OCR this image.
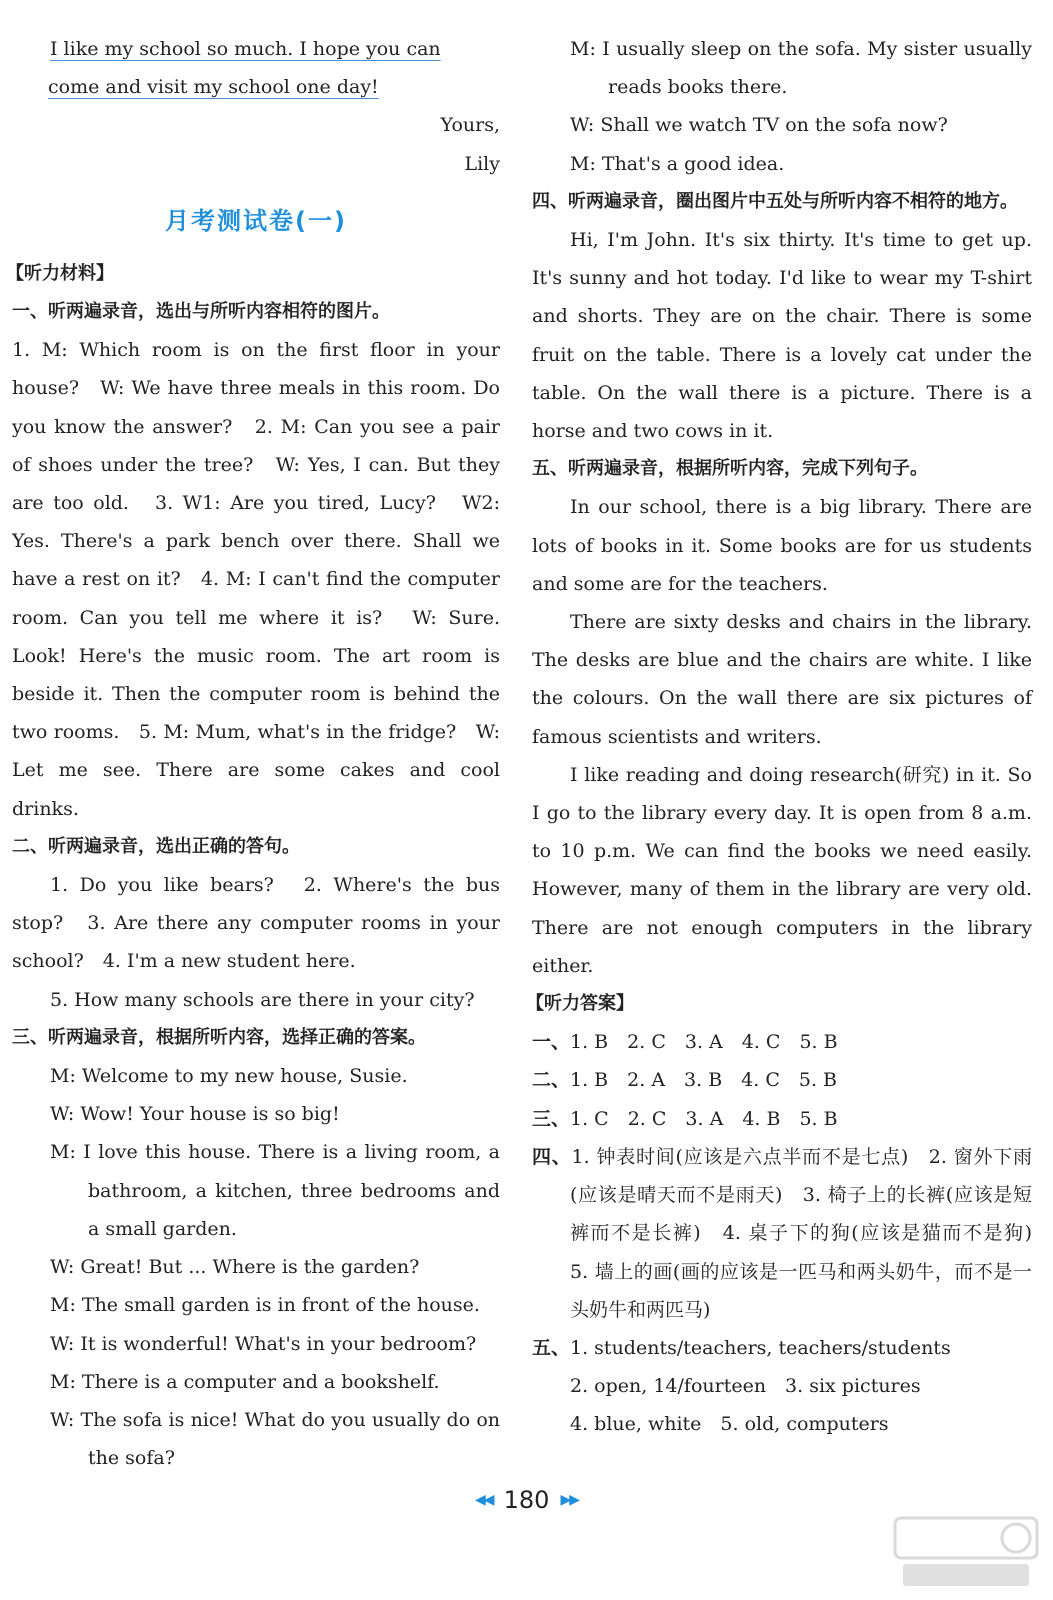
I like my school so much. I hope you can

come and visit my school one day!

Yours,

Lily

月考测试卷(一)

【听力材料】

一、听两遍录音，选出与所听内容相符的图片。

1. M: Which room is on the first floor in your house?　W: We have three meals in this room. Do you know the answer?　2. M: Can you see a pair of shoes under the tree?　W: Yes, I can. But they are too old.　3. W1: Are you tired, Lucy?　W2: Yes. There's a park bench over there. Shall we have a rest on it?　4. M: I can't find the computer room. Can you tell me where it is?　W: Sure. Look! Here's the music room. The art room is beside it. Then the computer room is behind the two rooms.　5. M: Mum, what's in the fridge?　W: Let me see. There are some cakes and cool drinks.

二、听两遍录音，选出正确的答句。

1. Do you like bears?　2. Where's the bus stop?　3. Are there any computer rooms in your school?　4. I'm a new student here.

5. How many schools are there in your city?

三、听两遍录音，根据所听内容，选择正确的答案。

M: Welcome to my new house, Susie.

W: Wow! Your house is so big!

M: I love this house. There is a living room, a bathroom, a kitchen, three bedrooms and a small garden.

W: Great! But ... Where is the garden?

M: The small garden is in front of the house.

W: It is wonderful! What's in your bedroom?

M: There is a computer and a bookshelf.

W: The sofa is nice! What do you usually do on the sofa?

M: I usually sleep on the sofa. My sister usually reads books there.

W: Shall we watch TV on the sofa now?

M: That's a good idea.

四、听两遍录音，圈出图片中五处与所听内容不相符的地方。

Hi, I'm John. It's six thirty. It's time to get up. It's sunny and hot today. I'd like to wear my T-shirt and shorts. They are on the chair. There is some fruit on the table. There is a lovely cat under the table. On the wall there is a picture. There is a horse and two cows in it.

五、听两遍录音，根据所听内容，完成下列句子。

In our school, there is a big library. There are lots of books in it. Some books are for us students and some are for the teachers.

There are sixty desks and chairs in the library. The desks are blue and the chairs are white. I like the colours. On the wall there are six pictures of famous scientists and writers.

I like reading and doing research(研究) in it. So I go to the library every day. It is open from 8 a.m. to 10 p.m. We can find the books we need easily. However, many of them in the library are very old. There are not enough computers in the library either.

【听力答案】

一、1. B　2. C　3. A　4. C　5. B

二、1. B　2. A　3. B　4. C　5. B

三、1. C　2. C　3. A　4. B　5. B

四、1. 钟表时间(应该是六点半而不是七点)　2. 窗外下雨(应该是晴天而不是雨天)　3. 椅子上的长裤(应该是短裤而不是长裤)　4. 桌子下的狗(应该是猫而不是狗)　5. 墙上的画(画的应该是一匹马和两头奶牛，而不是一头奶牛和两匹马)

五、1. students/teachers, teachers/students

2. open, 14/fourteen　3. six pictures

4. blue, white　5. old, computers

◀◀ 180 ▶▶
